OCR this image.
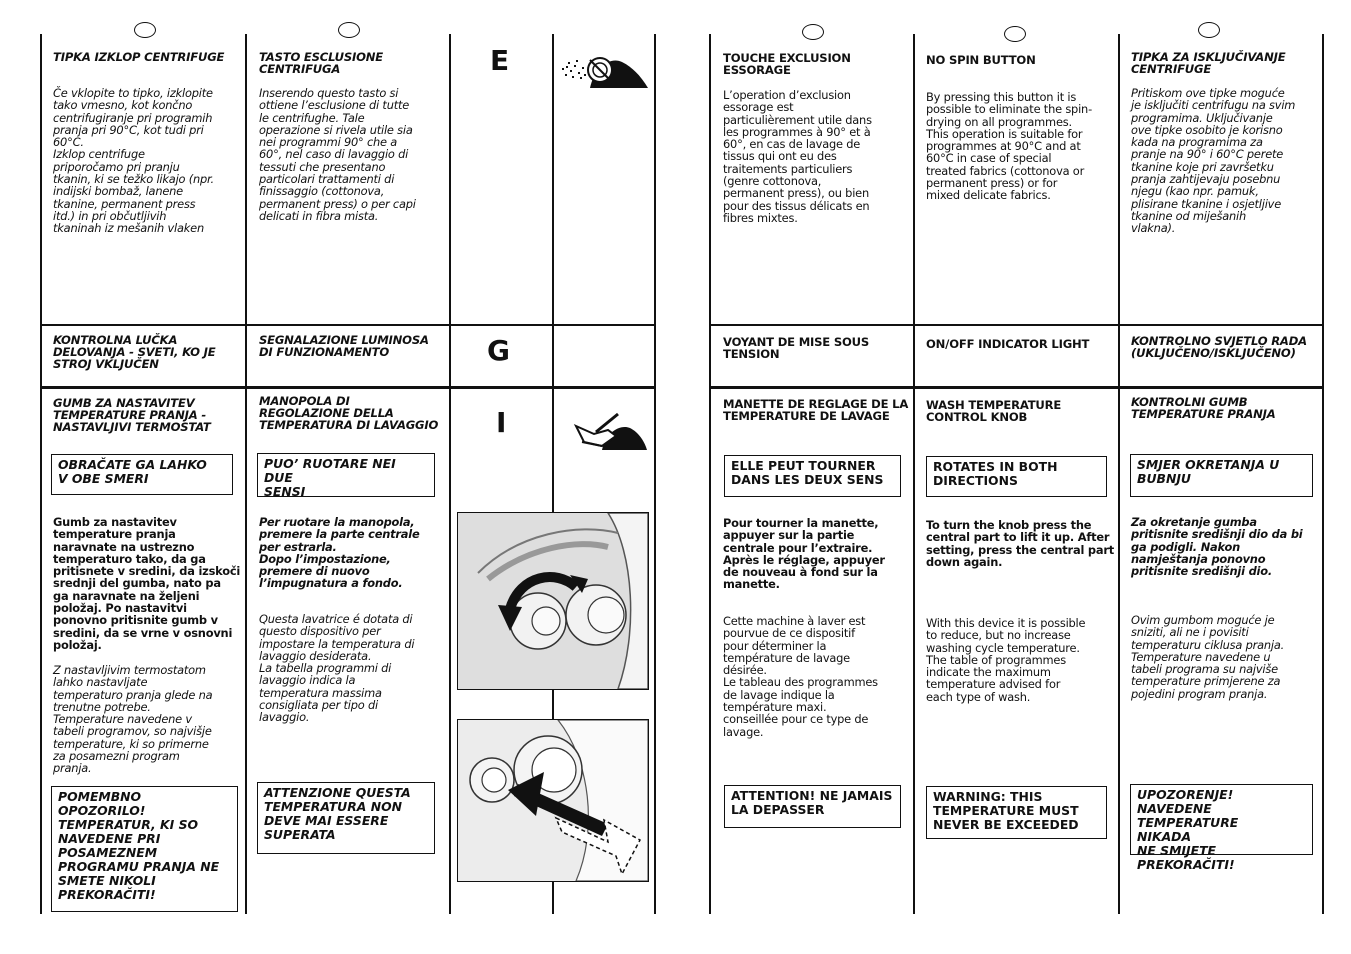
TIPKA IZKLOP CENTRIFUGE
Če vklopite to tipko, izklopite
tako vmesno, kot končno
centrifugiranje pri programih
pranja pri 90°C, kot tudi pri
60°C.
Izklop centrifuge
priporočamo pri pranju
tkanin, ki se težko likajo (npr.
indijski bombaž, lanene
tkanine, permanent press
itd.) in pri občutljivih
tkaninah iz mešanih vlaken
KONTROLNA LUČKA
DELOVANJA - SVETI, KO JE
STROJ VKLJUČEN
GUMB ZA NASTAVITEV
TEMPERATURE PRANJA -
NASTAVLJIVI TERMOSTAT
OBRAČATE GA LAHKO
V OBE SMERI
Gumb za nastavitev
temperature pranja
naravnate na ustrezno
temperaturo tako, da ga
pritisnete v sredini, da izskoči
srednji del gumba, nato pa
ga naravnate na željeni
položaj. Po nastavitvi
ponovno pritisnite gumb v
sredini, da se vrne v osnovni
položaj.
Z nastavljivim termostatom
lahko nastavljate
temperaturo pranja glede na
trenutne potrebe.
Temperature navedene v
tabeli programov, so najvišje
temperature, ki so primerne
za posamezni program
pranja.
POMEMBNO
OPOZORILO!
TEMPERATUR, KI SO
NAVEDENE PRI
POSAMEZNEM
PROGRAMU PRANJA NE
SMETE NIKOLI
PREKORAČITI!
TASTO ESCLUSIONE
CENTRIFUGA
Inserendo questo tasto si
ottiene l’esclusione di tutte
le centrifughe. Tale
operazione si rivela utile sia
nei programmi 90° che a
60°, nel caso di lavaggio di
tessuti che presentano
particolari trattamenti di
finissaggio (cottonova,
permanent press) o per capi
delicati in fibra mista.
SEGNALAZIONE LUMINOSA
DI FUNZIONAMENTO
MANOPOLA DI
REGOLAZIONE DELLA
TEMPERATURA DI LAVAGGIO
PUO’ RUOTARE NEI DUE
SENSI
Per ruotare la manopola,
premere la parte centrale
per estrarla.
Dopo l’impostazione,
premere di nuovo
l’impugnatura a fondo.
Questa lavatrice é dotata di
questo dispositivo per
impostare la temperatura di
lavaggio desiderata.
La tabella programmi di
lavaggio indica la
temperatura massima
consigliata per tipo di
lavaggio.
ATTENZIONE QUESTA
TEMPERATURA NON
DEVE MAI ESSERE
SUPERATA
E
G
I
TOUCHE EXCLUSION
ESSORAGE
L’operation d’exclusion
essorage est
particulièrement utile dans
les programmes à 90° et à
60°, en cas de lavage de
tissus qui ont eu des
traitements particuliers
(genre cottonova,
permanent press), ou bien
pour des tissus délicats en
fibres mixtes.
VOYANT DE MISE SOUS
TENSION
MANETTE DE REGLAGE DE LA
TEMPERATURE DE LAVAGE
ELLE PEUT TOURNER
DANS LES DEUX SENS
Pour tourner la manette,
appuyer sur la partie
centrale pour l’extraire.
Après le réglage, appuyer
de nouveau à fond sur la
manette.
Cette machine à laver est
pourvue de ce dispositif
pour déterminer la
température de lavage
désirée.
Le tableau des programmes
de lavage indique la
température maxi.
conseillée pour ce type de
lavage.
ATTENTION! NE JAMAIS
LA DEPASSER
NO SPIN BUTTON
By pressing this button it is
possible to eliminate the spin-
drying on all programmes.
This operation is suitable for
programmes at 90°C and at
60°C in case of special
treated fabrics (cottonova or
permanent press) or for
mixed delicate fabrics.
ON/OFF INDICATOR LIGHT
WASH TEMPERATURE
CONTROL KNOB
ROTATES IN BOTH
DIRECTIONS
To turn the knob press the
central part to lift it up. After
setting, press the central part
down again.
With this device it is possible
to reduce, but no increase
washing cycle temperature.
The table of programmes
indicate the maximum
temperature advised for
each type of wash.
WARNING: THIS
TEMPERATURE MUST
NEVER BE EXCEEDED
TIPKA ZA ISKLJUČIVANJE
CENTRIFUGE
Pritiskom ove tipke moguće
je isključiti centrifugu na svim
programima. Uključivanje
ove tipke osobito je korisno
kada na programima za
pranje na 90° i 60°C perete
tkanine koje pri završetku
pranja zahtijevaju posebnu
njegu (kao npr. pamuk,
plisirane tkanine i osjetljive
tkanine od miješanih
vlakna).
KONTROLNO SVJETLO RADA
(UKLJUČENO/ISKLJUČENO)
KONTROLNI GUMB
TEMPERATURE PRANJA
SMJER OKRETANJA U
BUBNJU
Za okretanje gumba
pritisnite središnji dio da bi
ga podigli. Nakon
namještanja ponovno
pritisnite središnji dio.
Ovim gumbom moguće je
sniziti, ali ne i povisiti
temperaturu ciklusa pranja.
Temperature navedene u
tabeli programa su najviše
temperature primjerene za
pojedini program pranja.
UPOZORENJE!
NAVEDENE TEMPERATURE
NIKADA
NE SMIJETE PREKORAČITI!
